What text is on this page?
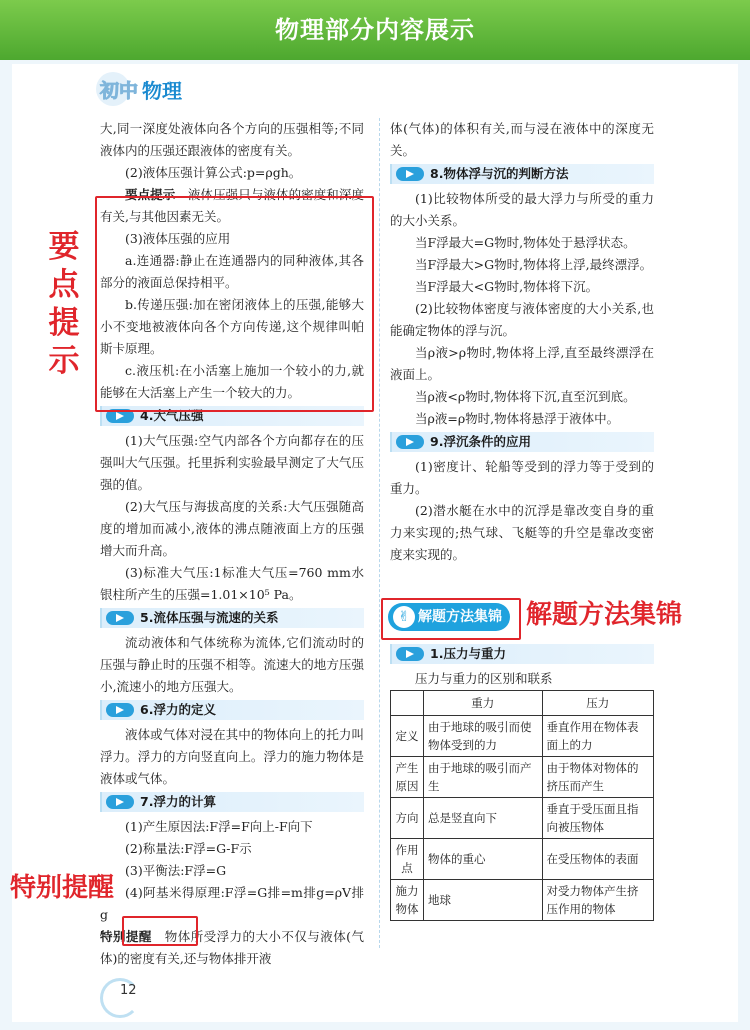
物理部分内容展示
初中 物理

大,同一深度处液体向各个方向的压强相等;不同液体内的压强还跟液体的密度有关。

(2)液体压强计算公式:p=ρgh。

要点提示　 液体压强只与液体的密度和深度有关,与其他因素无关。

(3)液体压强的应用

a.连通器:静止在连通器内的同种液体,其各部分的液面总保持相平。

b.传递压强:加在密闭液体上的压强,能够大小不变地被液体向各个方向传递,这个规律叫帕斯卡原理。

c.液压机:在小活塞上施加一个较小的力,就能够在大活塞上产生一个较大的力。

4.大气压强

(1)大气压强:空气内部各个方向都存在的压强叫大气压强。托里拆利实验最早测定了大气压强的值。

(2)大气压与海拔高度的关系:大气压强随高度的增加而减小,液体的沸点随液面上方的压强增大而升高。

(3)标准大气压:1标准大气压=760 mm水银柱所产生的压强=1.01×10⁵ Pa。

5.流体压强与流速的关系

流动液体和气体统称为流体,它们流动时的压强与静止时的压强不相等。流速大的地方压强小,流速小的地方压强大。

6.浮力的定义

液体或气体对浸在其中的物体向上的托力叫浮力。浮力的方向竖直向上。浮力的施力物体是液体或气体。

7.浮力的计算

(1)产生原因法:F浮=F向上-F向下

(2)称量法:F浮=G-F示

(3)平衡法:F浮=G

(4)阿基米得原理:F浮=G排=m排g=ρV排g

特别提醒　 物体所受浮力的大小不仅与液体(气体)的密度有关,还与物体排开液

体(气体)的体积有关,而与浸在液体中的深度无关。

8.物体浮与沉的判断方法

(1)比较物体所受的最大浮力与所受的重力的大小关系。

当F浮最大=G物时,物体处于悬浮状态。

当F浮最大>G物时,物体将上浮,最终漂浮。

当F浮最大<G物时,物体将下沉。

(2)比较物体密度与液体密度的大小关系,也能确定物体的浮与沉。

当ρ液>ρ物时,物体将上浮,直至最终漂浮在液面上。

当ρ液<ρ物时,物体将下沉,直至沉到底。

当ρ液=ρ物时,物体将悬浮于液体中。

9.浮沉条件的应用

(1)密度计、轮船等受到的浮力等于受到的重力。

(2)潜水艇在水中的沉浮是靠改变自身的重力来实现的;热气球、飞艇等的升空是靠改变密度来实现的。

✌ 解题方法集锦
1.压力与重力

压力与重力的区别和联系

	重力	压力
定义	由于地球的吸引而使物体受到的力	垂直作用在物体表面上的力
产生原因	由于地球的吸引而产生	由于物体对物体的挤压而产生
方向	总是竖直向下	垂直于受压面且指向被压物体
作用点	物体的重心	在受压物体的表面
施力物体	地球	对受力物体产生挤压作用的物体
要点提示
解题方法集锦
特别提醒
12
